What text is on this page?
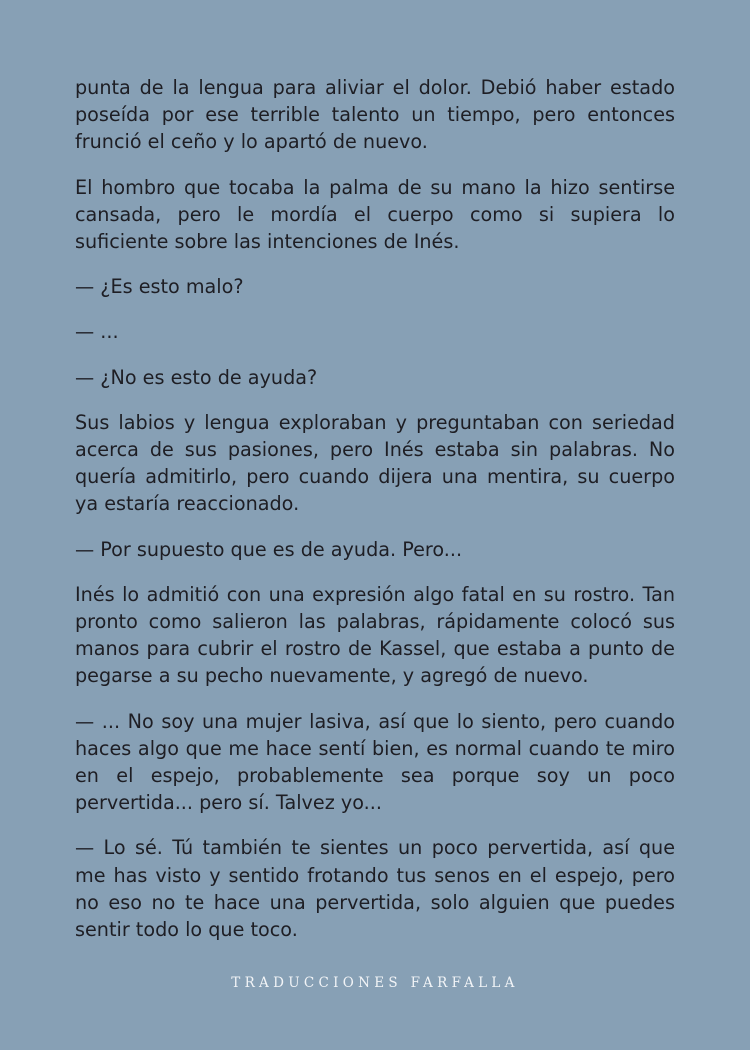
punta de la lengua para aliviar el dolor. Debió haber estado poseída por ese terrible talento un tiempo, pero entonces frunció el ceño y lo apartó de nuevo.

El hombro que tocaba la palma de su mano la hizo sentirse cansada, pero le mordía el cuerpo como si supiera lo suficiente sobre las intenciones de Inés.

— ¿Es esto malo?

— ...

— ¿No es esto de ayuda?

Sus labios y lengua exploraban y preguntaban con seriedad acerca de sus pasiones, pero Inés estaba sin palabras. No quería admitirlo, pero cuando dijera una mentira, su cuerpo ya estaría reaccionado.

— Por supuesto que es de ayuda. Pero...

Inés lo admitió con una expresión algo fatal en su rostro. Tan pronto como salieron las palabras, rápidamente colocó sus manos para cubrir el rostro de Kassel, que estaba a punto de pegarse a su pecho nuevamente, y agregó de nuevo.

— ... No soy una mujer lasiva, así que lo siento, pero cuando haces algo que me hace sentí bien, es normal cuando te miro en el espejo, probablemente sea porque soy un poco pervertida... pero sí. Talvez yo...

— Lo sé. Tú también te sientes un poco pervertida, así que me has visto y sentido frotando tus senos en el espejo, pero no eso no te hace una pervertida, solo alguien que puedes sentir todo lo que toco.

TRADUCCIONES FARFALLA
